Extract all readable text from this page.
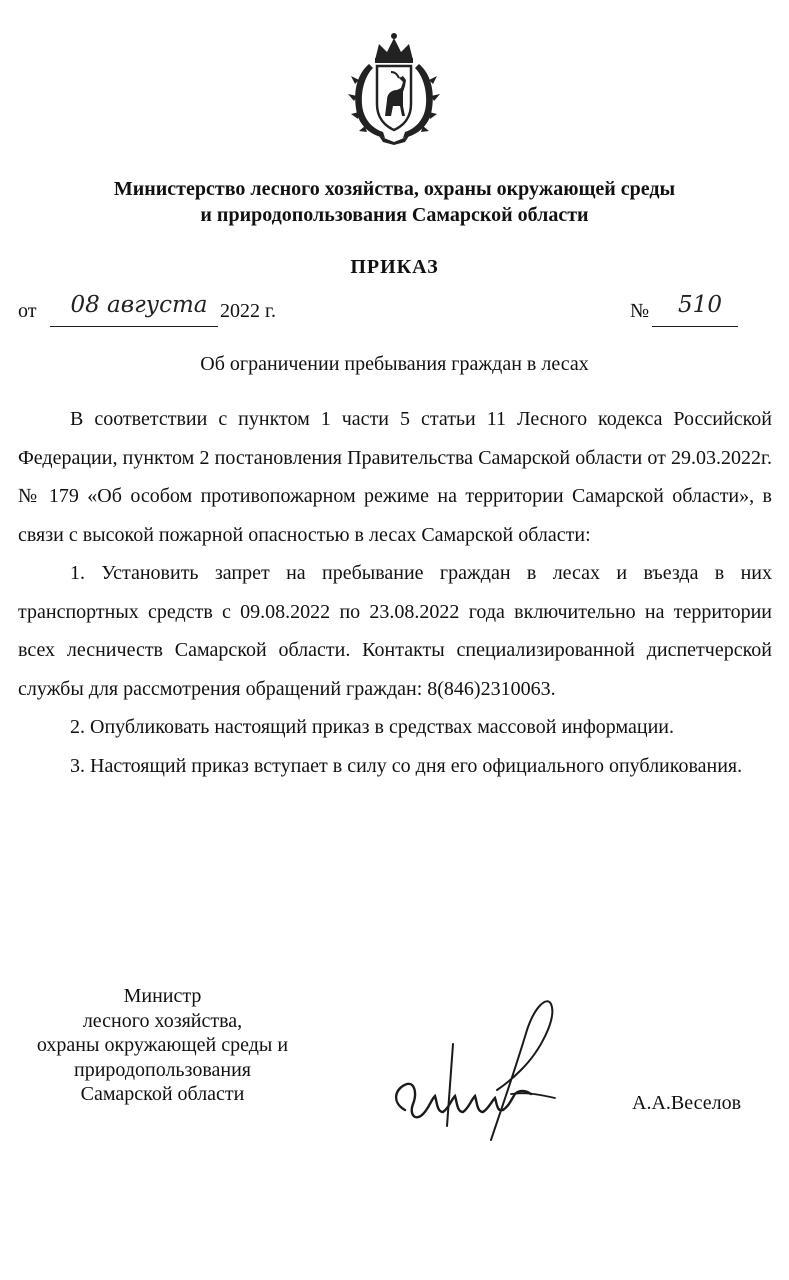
Министерство лесного хозяйства, охраны окружающей среды
и природопользования Самарской области
ПРИКАЗ
от	08 августа 2022 г.	№	510
Об ограничении пребывания граждан в лесах

В соответствии с пунктом 1 части 5 статьи 11 Лесного кодекса Российской Федерации, пунктом 2 постановления Правительства Самарской области от 29.03.2022г. № 179 «Об особом противопожарном режиме на территории Самарской области», в связи с высокой пожарной опасностью в лесах Самарской области:

1. Установить запрет на пребывание граждан в лесах и въезда в них транспортных средств с 09.08.2022 по 23.08.2022 года включительно на территории всех лесничеств Самарской области. Контакты специализированной диспетчерской службы для рассмотрения обращений граждан: 8(846)2310063.

2. Опубликовать настоящий приказ в средствах массовой информации.

3. Настоящий приказ вступает в силу со дня его официального опубликования.

Министр
лесного хозяйства,
охраны окружающей среды и
природопользования
Самарской области	А.А.Веселов
